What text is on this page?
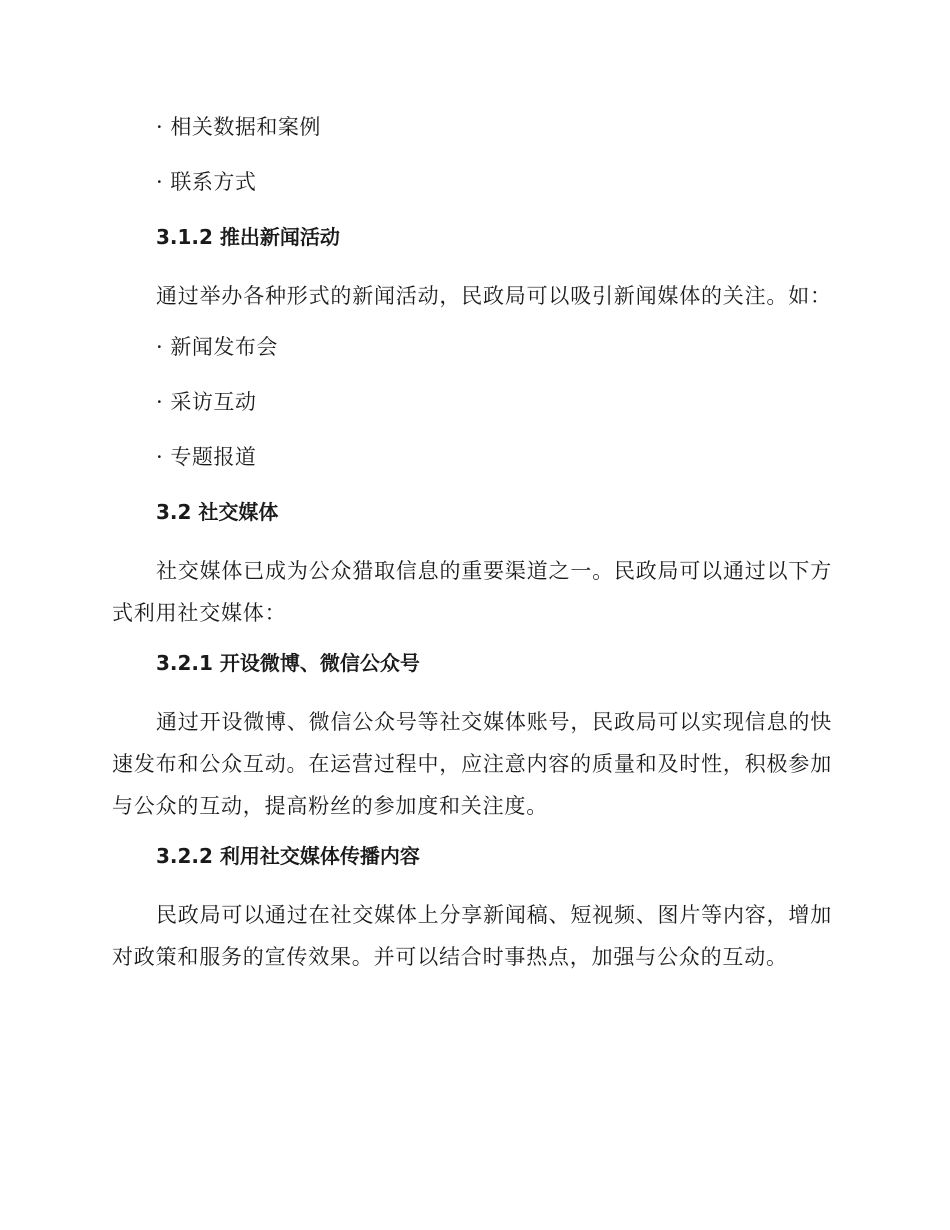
· 相关数据和案例
· 联系方式
3.1.2 推出新闻活动
通过举办各种形式的新闻活动，民政局可以吸引新闻媒体的关注。如：
· 新闻发布会
· 采访互动
· 专题报道
3.2 社交媒体
社交媒体已成为公众猎取信息的重要渠道之一。民政局可以通过以下方式利用社交媒体：
3.2.1 开设微博、微信公众号
通过开设微博、微信公众号等社交媒体账号，民政局可以实现信息的快速发布和公众互动。在运营过程中，应注意内容的质量和及时性，积极参加与公众的互动，提高粉丝的参加度和关注度。
3.2.2 利用社交媒体传播内容
民政局可以通过在社交媒体上分享新闻稿、短视频、图片等内容，增加对政策和服务的宣传效果。并可以结合时事热点，加强与公众的互动。
